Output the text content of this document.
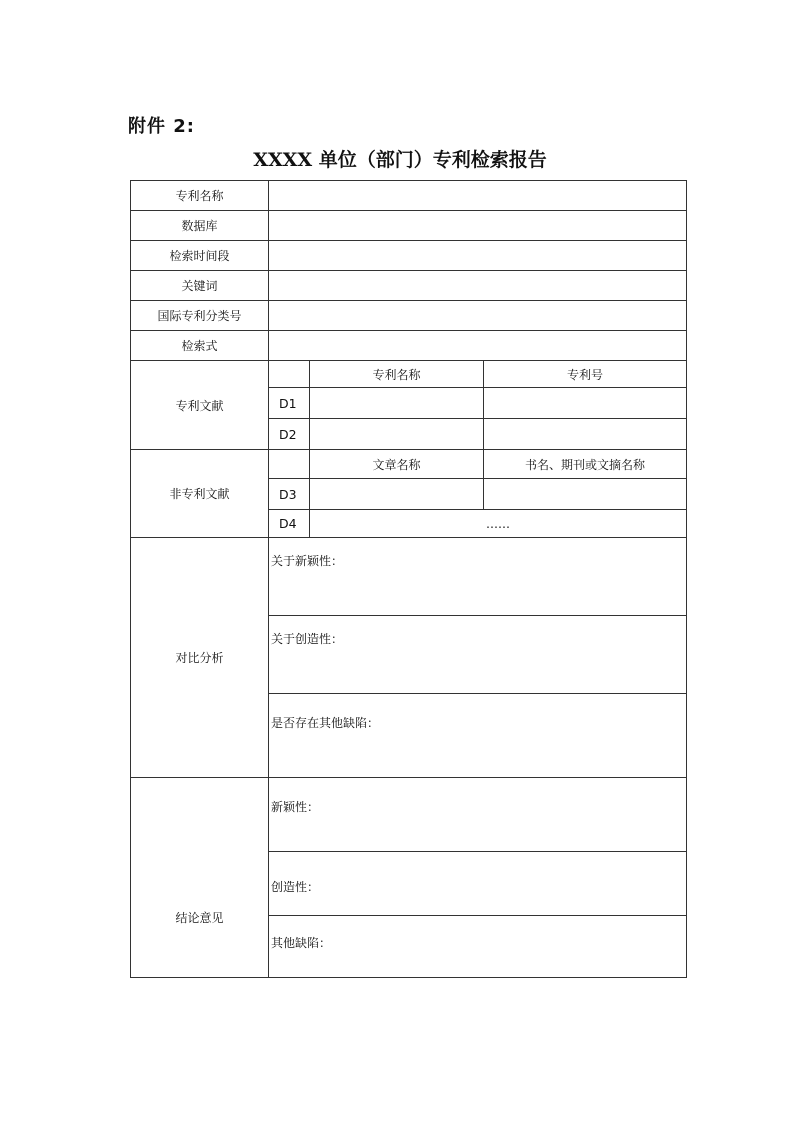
附件 2:
XXXX 单位（部门）专利检索报告
专利名称			
数据库			
检索时间段			
关键词			
国际专利分类号			
检索式			
专利文献		专利名称	专利号
	D1		
	D2		
非专利文献		文章名称	书名、期刊或文摘名称
	D3		
	D4	……	
对比分析	关于新颖性：		
	关于创造性：		
	是否存在其他缺陷：		
结论意见	新颖性：		
	创造性：		
	其他缺陷：		
